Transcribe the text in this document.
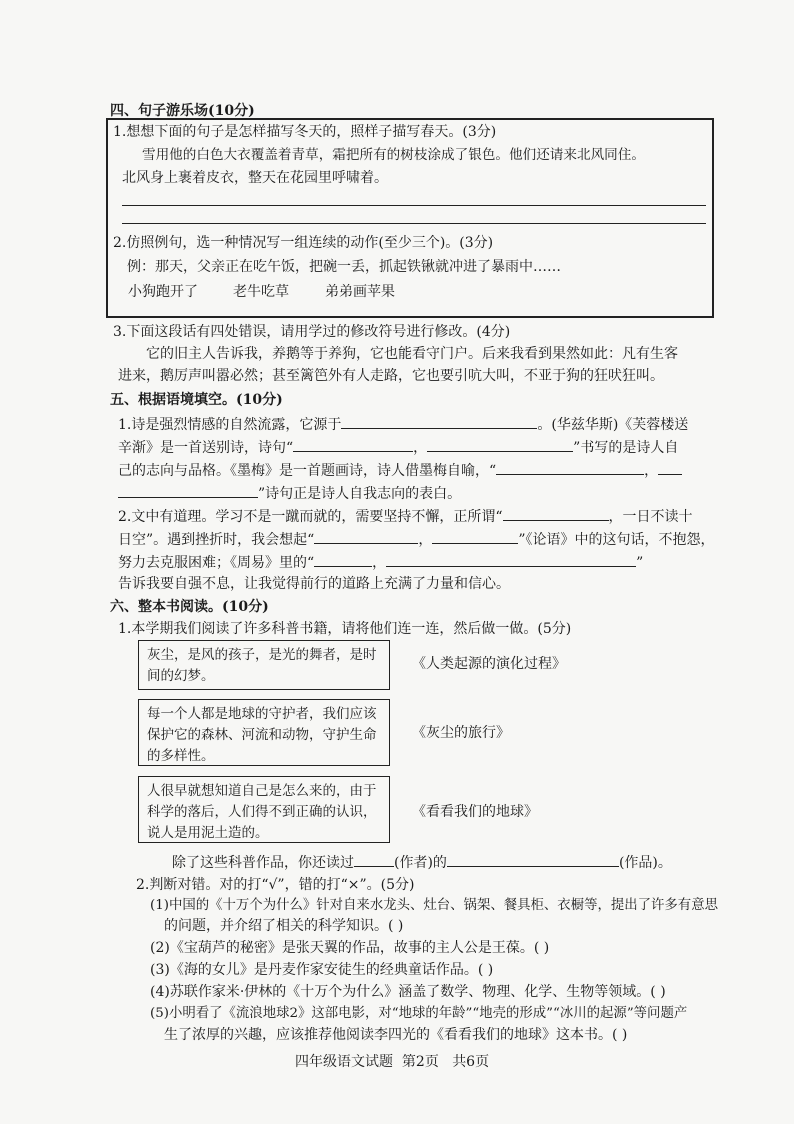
四、句子游乐场(10分)
1.想想下面的句子是怎样描写冬天的，照样子描写春天。(3分)
雪用他的白色大衣覆盖着青草，霜把所有的树枝涂成了银色。他们还请来北风同住。
北风身上裹着皮衣，整天在花园里呼啸着。
2.仿照例句，选一种情况写一组连续的动作(至少三个)。(3分)
例：那天，父亲正在吃午饭，把碗一丢，抓起铁锹就冲进了暴雨中……
小狗跑开了	老牛吃草	弟弟画苹果
3.下面这段话有四处错误，请用学过的修改符号进行修改。(4分)
它的旧主人告诉我，养鹅等于养狗，它也能看守门户。后来我看到果然如此：凡有生客
进来，鹅厉声叫嚣必然；甚至篱笆外有人走路，它也要引吭大叫，不亚于狗的狂吠狂叫。
五、根据语境填空。(10分)
1.诗是强烈情感的自然流露，它源于	。(华兹华斯)《芙蓉楼送
辛渐》是一首送别诗，诗句“	，	”书写的是诗人自
己的志向与品格。《墨梅》是一首题画诗，诗人借墨梅自喻，“	，
”诗句正是诗人自我志向的表白。
2.文中有道理。学习不是一蹴而就的，需要坚持不懈，正所谓“	，一日不读十
日空”。遇到挫折时，我会想起“	，	”《论语》中的这句话，不抱怨，
努力去克服困难；《周易》里的“	，	”
告诉我要自强不息，让我觉得前行的道路上充满了力量和信心。
六、整本书阅读。(10分)
1.本学期我们阅读了许多科普书籍，请将他们连一连，然后做一做。(5分)
灰尘，是风的孩子，是光的舞者，是时间的幻梦。
每一个人都是地球的守护者，我们应该保护它的森林、河流和动物，守护生命的多样性。
人很早就想知道自己是怎么来的，由于科学的落后，人们得不到正确的认识，说人是用泥土造的。
《人类起源的演化过程》
《灰尘的旅行》
《看看我们的地球》
除了这些科普作品，你还读过	(作者)的	(作品)。
2.判断对错。对的打“√”，错的打“×”。(5分)
(1)中国的《十万个为什么》针对自来水龙头、灶台、锅架、餐具柜、衣橱等，提出了许多有意思
的问题，并介绍了相关的科学知识。( )
(2)《宝葫芦的秘密》是张天翼的作品，故事的主人公是王葆。( )
(3)《海的女儿》是丹麦作家安徒生的经典童话作品。( )
(4)苏联作家米·伊林的《十万个为什么》涵盖了数学、物理、化学、生物等领域。( )
(5)小明看了《流浪地球2》这部电影，对“地球的年龄”“地壳的形成”“冰川的起源”等问题产
生了浓厚的兴趣，应该推荐他阅读李四光的《看看我们的地球》这本书。( )
四年级语文试题 第2页 共6页
